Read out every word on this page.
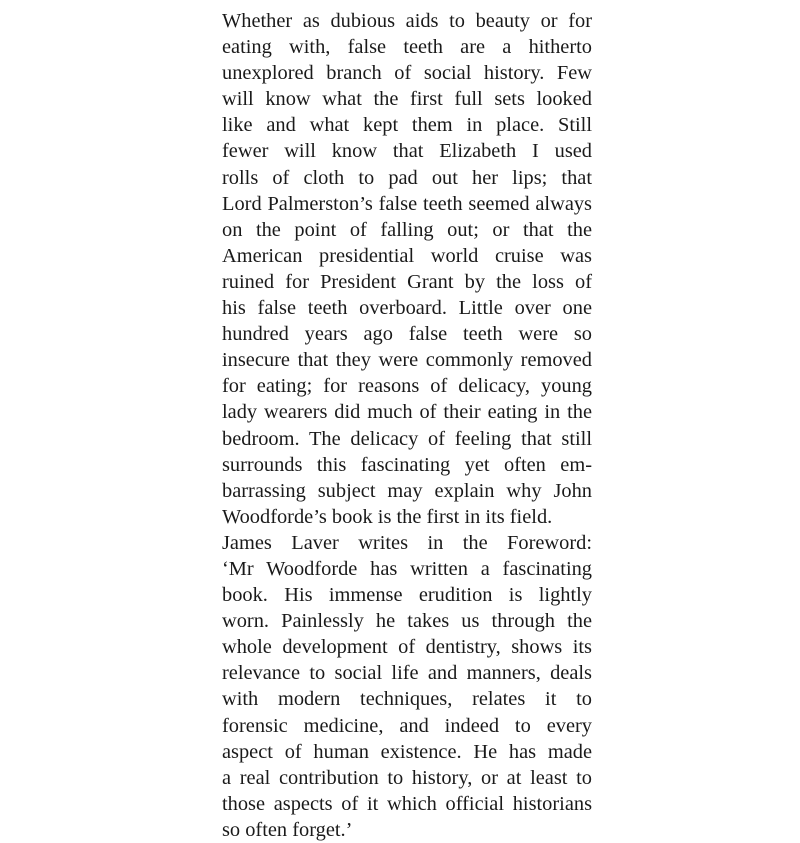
Whether as dubious aids to beauty or for
eating with, false teeth are a hitherto
unexplored branch of social history. Few
will know what the first full sets looked
like and what kept them in place. Still
fewer will know that Elizabeth I used
rolls of cloth to pad out her lips; that
Lord Palmerston’s false teeth seemed always
on the point of falling out; or that the
American presidential world cruise was
ruined for President Grant by the loss of
his false teeth overboard. Little over one
hundred years ago false teeth were so
insecure that they were commonly removed
for eating; for reasons of delicacy, young
lady wearers did much of their eating in the
bedroom. The delicacy of feeling that still
surrounds this fascinating yet often em-
barrassing subject may explain why John
Woodforde’s book is the first in its field.
James Laver writes in the Foreword:
‘Mr Woodforde has written a fascinating
book. His immense erudition is lightly
worn. Painlessly he takes us through the
whole development of dentistry, shows its
relevance to social life and manners, deals
with modern techniques, relates it to
forensic medicine, and indeed to every
aspect of human existence. He has made
a real contribution to history, or at least to
those aspects of it which official historians
so often forget.’
